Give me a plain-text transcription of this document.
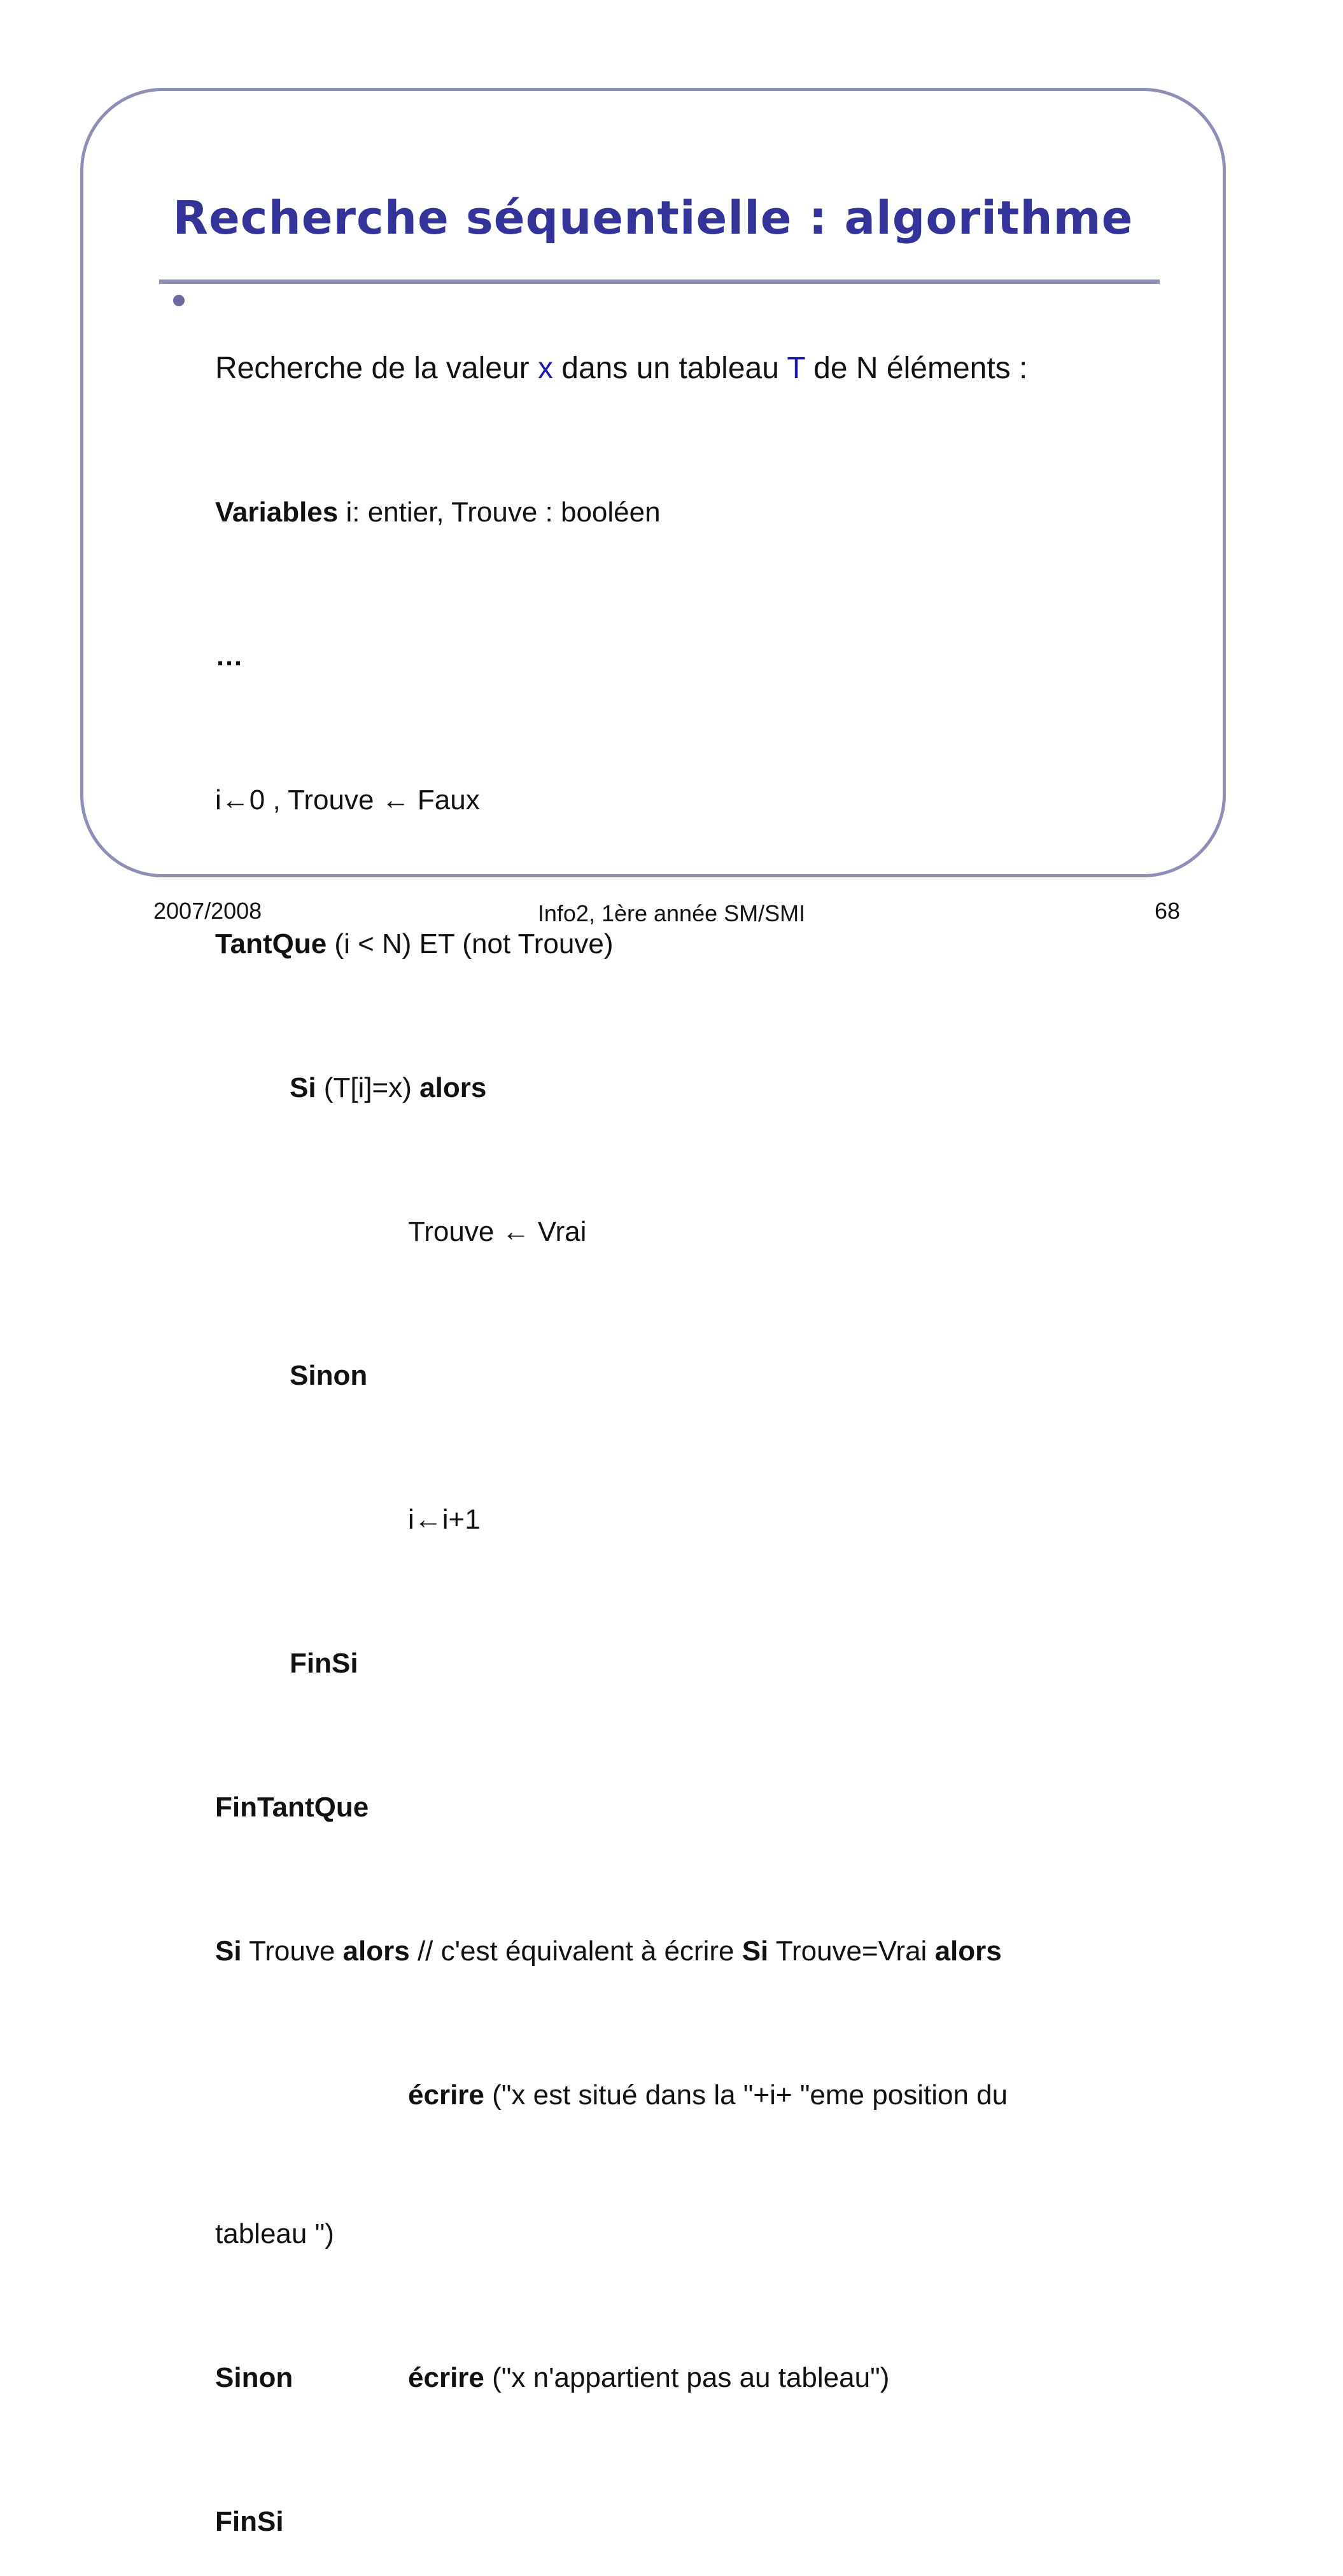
Recherche séquentielle : algorithme

Recherche de la valeur x dans un tableau T de N éléments :

Variables i: entier, Trouve : booléen

…

i←0 , Trouve ← Faux

TantQue (i < N) ET (not Trouve)

Si (T[i]=x) alors

Trouve ← Vrai

Sinon

i←i+1

FinSi

FinTantQue

Si Trouve alors // c'est équivalent à écrire Si Trouve=Vrai alors

écrire ("x est situé dans la "+i+ "eme position du

tableau ")

Sinon	écrire ("x n'appartient pas au tableau")

FinSi

2007/2008	Info2, 1ère année SM/SMI	68
